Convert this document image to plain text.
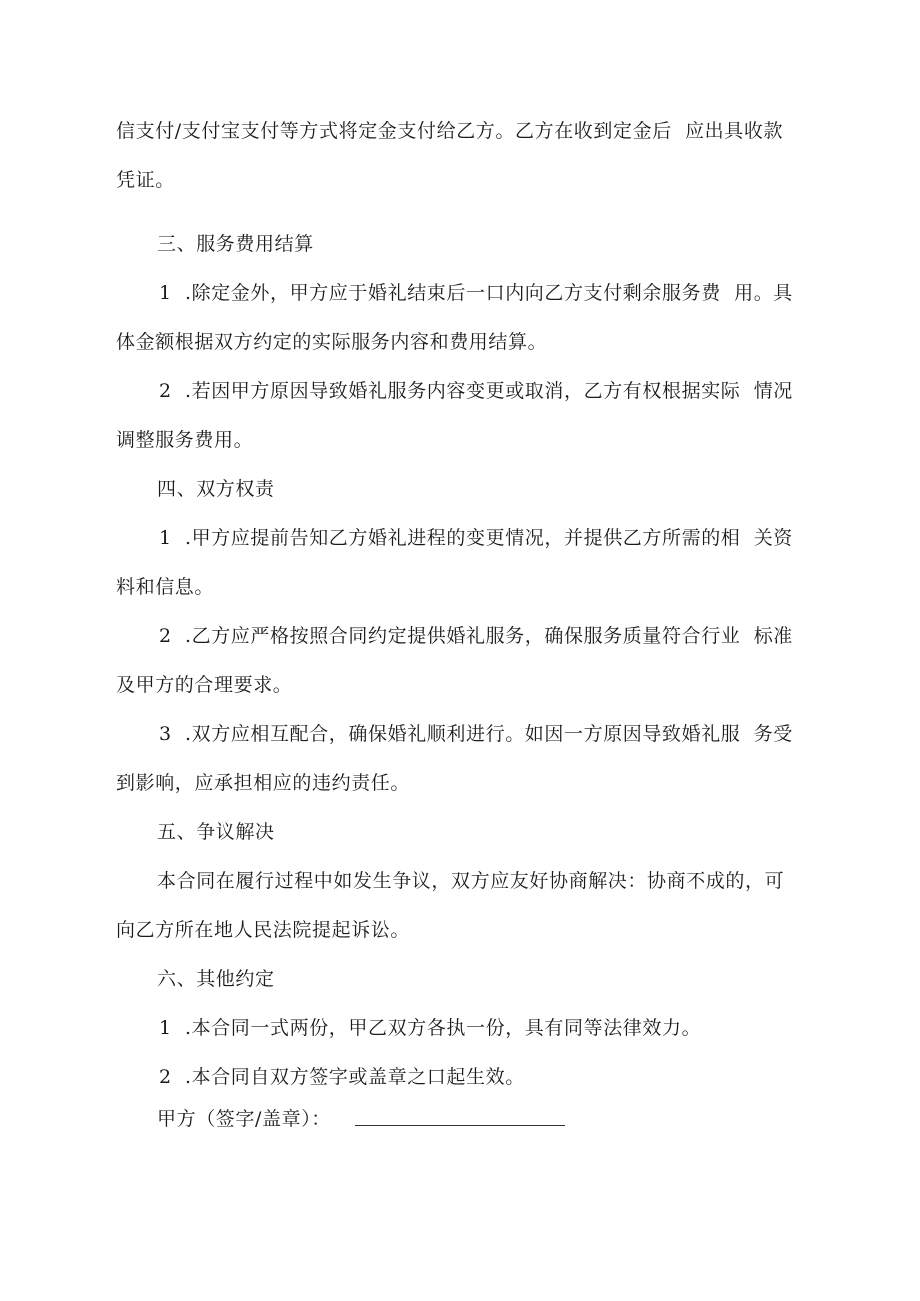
信支付/支付宝支付等方式将定金支付给乙方。乙方在收到定金后  应出具收款
凭证。
三、服务费用结算
1  .除定金外，甲方应于婚礼结束后一口内向乙方支付剩余服务费  用。具
体金额根据双方约定的实际服务内容和费用结算。
2  .若因甲方原因导致婚礼服务内容变更或取消，乙方有权根据实际  情况
调整服务费用。
四、双方权责
1  .甲方应提前告知乙方婚礼进程的变更情况，并提供乙方所需的相  关资
料和信息。
2  .乙方应严格按照合同约定提供婚礼服务，确保服务质量符合行业  标准
及甲方的合理要求。
3  .双方应相互配合，确保婚礼顺利进行。如因一方原因导致婚礼服  务受
到影响，应承担相应的违约责任。
五、争议解决
本合同在履行过程中如发生争议，双方应友好协商解决：协商不成的，可
向乙方所在地人民法院提起诉讼。
六、其他约定
1  .本合同一式两份，甲乙双方各执一份，具有同等法律效力。
2  .本合同自双方签字或盖章之口起生效。
甲方（签字/盖章）：
